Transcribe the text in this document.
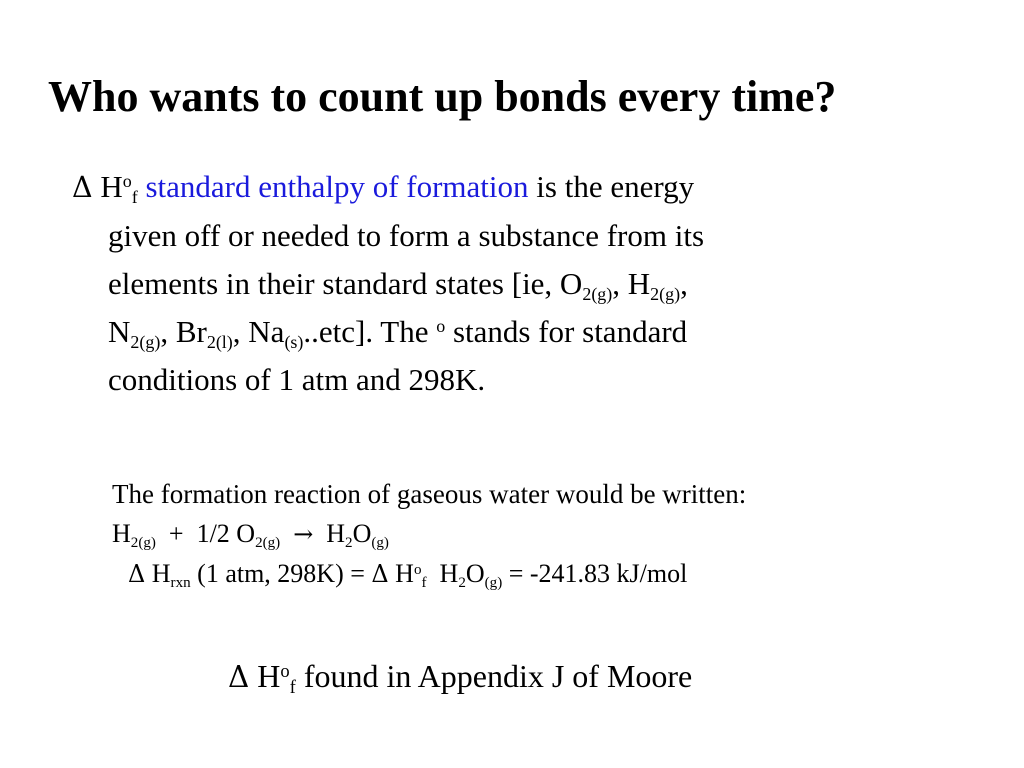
Who wants to count up bonds every time?
Δ $H^o_f$ standard enthalpy of formation is the energy
given off or needed to form a substance from its
elements in their standard states [ie, $O_{2(g)}$, $H_{2(g)}$,
$N_{2(g)}$, $Br_{2(l)}$, $Na_{(s)}..etc$]. The $^o$ stands for standard
conditions of 1 atm and 298K.
The formation reaction of gaseous water would be written:
$H_{2(g)} + 1/2$ $O_{2(g)} \to H_2O_{(g)}$
Δ $H_{rxn}$ (1 atm, 298K) = Δ $H^o_f$ $H_2O_{(g)} = -241.83$ kJ/mol
Δ $H^o_f$ found in Appendix J of Moore
